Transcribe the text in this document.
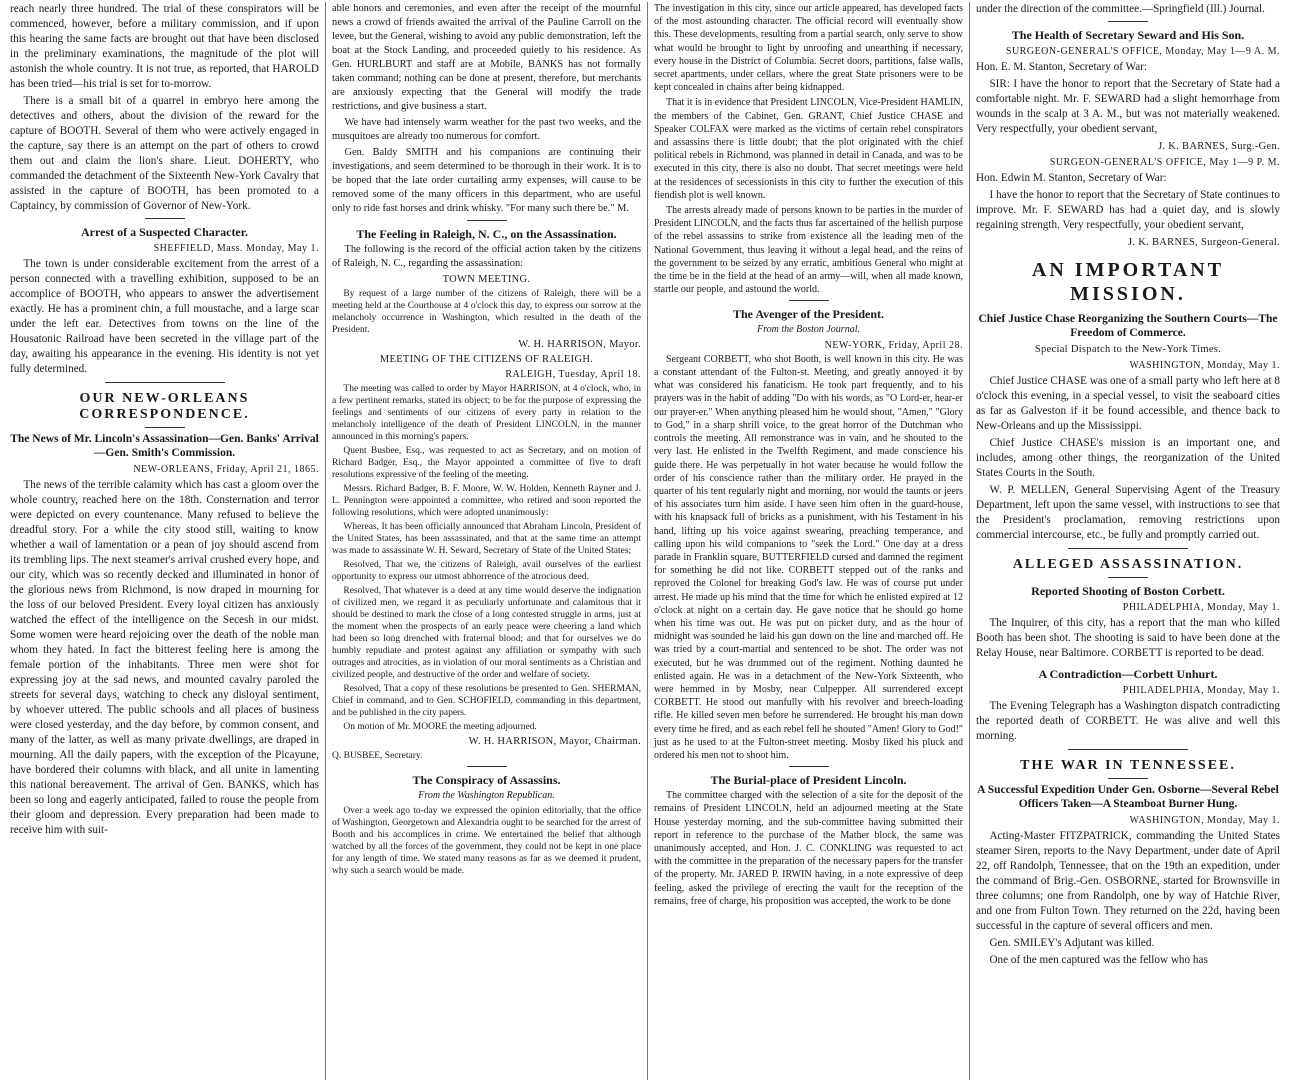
reach nearly three hundred. The trial of these conspirators will be commenced, however, before a military commission, and if upon this hearing the same facts are brought out that have been disclosed in the preliminary examinations, the magnitude of the plot will astonish the whole country. It is not true, as reported, that HAROLD has been tried—his trial is set for to-morrow.

There is a small bit of a quarrel in embryo here among the detectives and others, about the division of the reward for the capture of BOOTH. Several of them who were actively engaged in the capture, say there is an attempt on the part of others to crowd them out and claim the lion's share. Lieut. DOHERTY, who commanded the detachment of the Sixteenth New-York Cavalry that assisted in the capture of BOOTH, has been promoted to a Captaincy, by commission of Governor of New-York.

Arrest of a Suspected Character.
SHEFFIELD, Mass. Monday, May 1.

The town is under considerable excitement from the arrest of a person connected with a travelling exhibition, supposed to be an accomplice of BOOTH, who appears to answer the advertisement exactly. He has a prominent chin, a full moustache, and a large scar under the left ear. Detectives from towns on the line of the Housatonic Railroad have been secreted in the village part of the day, awaiting his appearance in the evening. His identity is not yet fully determined.

OUR NEW-ORLEANS CORRESPONDENCE.
The News of Mr. Lincoln's Assassination—Gen. Banks' Arrival—Gen. Smith's Commission.
NEW-ORLEANS, Friday, April 21, 1865.

The news of the terrible calamity which has cast a gloom over the whole country, reached here on the 18th. Consternation and terror were depicted on every countenance. Many refused to believe the dreadful story. For a while the city stood still, waiting to know whether a wail of lamentation or a pean of joy should ascend from its trembling lips. The next steamer's arrival crushed every hope, and our city, which was so recently decked and illuminated in honor of the glorious news from Richmond, is now draped in mourning for the loss of our beloved President. Every loyal citizen has anxiously watched the effect of the intelligence on the Secesh in our midst. Some women were heard rejoicing over the death of the noble man whom they hated. In fact the bitterest feeling here is among the female portion of the inhabitants. Three men were shot for expressing joy at the sad news, and mounted cavalry paroled the streets for several days, watching to check any disloyal sentiment, by whoever uttered. The public schools and all places of business were closed yesterday, and the day before, by common consent, and many of the latter, as well as many private dwellings, are draped in mourning. All the daily papers, with the exception of the Picayune, have bordered their columns with black, and all unite in lamenting this national bereavement. The arrival of Gen. BANKS, which has been so long and eagerly anticipated, failed to rouse the people from their gloom and depression. Every preparation had been made to receive him with suit-

able honors and ceremonies, and even after the receipt of the mournful news a crowd of friends awaited the arrival of the Pauline Carroll on the levee, but the General, wishing to avoid any public demonstration, left the boat at the Stock Landing, and proceeded quietly to his residence. As Gen. HURLBURT and staff are at Mobile, BANKS has not formally taken command; nothing can be done at present, therefore, but merchants are anxiously expecting that the General will modify the trade restrictions, and give business a start.

We have had intensely warm weather for the past two weeks, and the musquitoes are already too numerous for comfort.

Gen. Baldy SMITH and his companions are continuing their investigations, and seem determined to be thorough in their work. It is to be hoped that the late order curtailing army expenses, will cause to be removed some of the many officers in this department, who are useful only to ride fast horses and drink whisky. "For many such there be." M.

The Feeling in Raleigh, N. C., on the Assassination.

The following is the record of the official action taken by the citizens of Raleigh, N. C., regarding the assassination:

TOWN MEETING.

By request of a large number of the citizens of Raleigh, there will be a meeting held at the Courthouse at 4 o'clock this day, to express our sorrow at the melancholy occurrence in Washington, which resulted in the death of the President.

W. H. HARRISON, Mayor.
MEETING OF THE CITIZENS OF RALEIGH.
RALEIGH, Tuesday, April 18.

The meeting was called to order by Mayor HARRISON, at 4 o'clock, who, in a few pertinent remarks, stated its object; to be for the purpose of expressing the feelings and sentiments of our citizens of every party in relation to the melancholy intelligence of the death of President LINCOLN, in the manner announced in this morning's papers.

Quent Busbee, Esq., was requested to act as Secretary, and on motion of Richard Badger, Esq., the Mayor appointed a committee of five to draft resolutions expressive of the feeling of the meeting.

Messrs. Richard Badger, B. F. Moore, W. W. Holden, Kenneth Rayner and J. L. Pennington were appointed a committee, who retired and soon reported the following resolutions, which were adopted unanimously:

Whereas, It has been officially announced that Abraham Lincoln, President of the United States, has been assassinated, and that at the same time an attempt was made to assassinate W. H. Seward, Secretary of State of the United States;

Resolved, That we, the citizens of Raleigh, avail ourselves of the earliest opportunity to express our utmost abhorrence of the atrocious deed.

Resolved, That whatever is a deed at any time would deserve the indignation of civilized men, we regard it as peculiarly unfortunate and calamitous that it should be destined to mark the close of a long contested struggle in arms, just at the moment when the prospects of an early peace were cheering a land which had been so long drenched with fraternal blood; and that for ourselves we do humbly repudiate and protest against any affiliation or sympathy with such outrages and atrocities, as in violation of our moral sentiments as a Christian and civilized people, and destructive of the order and welfare of society.

Resolved, That a copy of these resolutions be presented to Gen. SHERMAN, Chief in command, and to Gen. SCHOFIELD, commanding in this department, and be published in the city papers.

On motion of Mr. MOORE the meeting adjourned.

W. H. HARRISON, Mayor, Chairman.

Q. BUSBEE, Secretary.

The Conspiracy of Assassins.
From the Washington Republican.

Over a week ago to-day we expressed the opinion editorially, that the office of Washington, Georgetown and Alexandria ought to be searched for the arrest of Booth and his accomplices in crime. We entertained the belief that although watched by all the forces of the government, they could not be kept in one place for any length of time. We stated many reasons as far as we deemed it prudent, why such a search would be made.

The investigation in this city, since our article appeared, has developed facts of the most astounding character. The official record will eventually show this. These developments, resulting from a partial search, only serve to show what would be brought to light by unroofing and unearthing if necessary, every house in the District of Columbia. Secret doors, partitions, false walls, secret apartments, under cellars, where the great State prisoners were to be kept concealed in chains after being kidnapped.

That it is in evidence that President LINCOLN, Vice-President HAMLIN, the members of the Cabinet, Gen. GRANT, Chief Justice CHASE and Speaker COLFAX were marked as the victims of certain rebel conspirators and assassins there is little doubt; that the plot originated with the chief political rebels in Richmond, was planned in detail in Canada, and was to be executed in this city, there is also no doubt. That secret meetings were held at the residences of secessionists in this city to further the execution of this fiendish plot is well known.

The arrests already made of persons known to be parties in the murder of President LINCOLN, and the facts thus far ascertained of the hellish purpose of the rebel assassins to strike from existence all the leading men of the National Government, thus leaving it without a legal head, and the reins of the government to be seized by any erratic, ambitious General who might at the time be in the field at the head of an army—will, when all made known, startle our people, and astound the world.

The Avenger of the President.
From the Boston Journal.
NEW-YORK, Friday, April 28.

Sergeant CORBETT, who shot Booth, is well known in this city. He was a constant attendant of the Fulton-st. Meeting, and greatly annoyed it by what was considered his fanaticism. He took part frequently, and to his prayers was in the habit of adding "Do with his words, as "O Lord-er, hear-er our prayer-er." When anything pleased him he would shout, "Amen," "Glory to God," in a sharp shrill voice, to the great horror of the Dutchman who controls the meeting. All remonstrance was in vain, and he shouted to the very last. He enlisted in the Twelfth Regiment, and made conscience his guide there. He was perpetually in hot water because he would follow the order of his conscience rather than the military order. He prayed in the quarter of his tent regularly night and morning, nor would the taunts or jeers of his associates turn him aside. I have seen him often in the guard-house, with his knapsack full of bricks as a punishment, with his Testament in his hand, lifting up his voice against swearing, preaching temperance, and calling upon his wild companions to "seek the Lord." One day at a dress parade in Franklin square, BUTTERFIELD cursed and damned the regiment for something he did not like. CORBETT stepped out of the ranks and reproved the Colonel for breaking God's law. He was of course put under arrest. He made up his mind that the time for which he enlisted expired at 12 o'clock at night on a certain day. He gave notice that he should go home when his time was out. He was put on picket duty, and as the hour of midnight was sounded he laid his gun down on the line and marched off. He was tried by a court-martial and sentenced to be shot. The order was not executed, but he was drummed out of the regiment. Nothing daunted he enlisted again. He was in a detachment of the New-York Sixteenth, who were hemmed in by Mosby, near Culpepper. All surrendered except CORBETT. He stood out manfully with his revolver and breech-loading rifle. He killed seven men before he surrendered. He brought his man down every time he fired, and as each rebel fell he shouted "Amen! Glory to God!" just as he used to at the Fulton-street meeting. Mosby liked his pluck and ordered his men not to shoot him.

The Burial-place of President Lincoln.

The committee charged with the selection of a site for the deposit of the remains of President LINCOLN, held an adjourned meeting at the State House yesterday morning, and the sub-committee having submitted their report in reference to the purchase of the Mather block, the same was unanimously accepted, and Hon. J. C. CONKLING was requested to act with the committee in the preparation of the necessary papers for the transfer of the property. Mr. JARED P. IRWIN having, in a note expressive of deep feeling, asked the privilege of erecting the vault for the reception of the remains, free of charge, his proposition was accepted, the work to be done

under the direction of the committee.—Springfield (Ill.) Journal.

The Health of Secretary Seward and His Son.
SURGEON-GENERAL'S OFFICE, Monday, May 1—9 A. M.

Hon. E. M. Stanton, Secretary of War:

SIR: I have the honor to report that the Secretary of State had a comfortable night. Mr. F. SEWARD had a slight hemorrhage from wounds in the scalp at 3 A. M., but was not materially weakened. Very respectfully, your obedient servant,

J. K. BARNES, Surg.-Gen.
SURGEON-GENERAL'S OFFICE, May 1—9 P. M.

Hon. Edwin M. Stanton, Secretary of War:

I have the honor to report that the Secretary of State continues to improve. Mr. F. SEWARD has had a quiet day, and is slowly regaining strength. Very respectfully, your obedient servant,

J. K. BARNES, Surgeon-General.
AN IMPORTANT MISSION.
Chief Justice Chase Reorganizing the Southern Courts—The Freedom of Commerce.
Special Dispatch to the New-York Times.
WASHINGTON, Monday, May 1.

Chief Justice CHASE was one of a small party who left here at 8 o'clock this evening, in a special vessel, to visit the seaboard cities as far as Galveston if it be found accessible, and thence back to New-Orleans and up the Mississippi.

Chief Justice CHASE's mission is an important one, and includes, among other things, the reorganization of the United States Courts in the South.

W. P. MELLEN, General Supervising Agent of the Treasury Department, left upon the same vessel, with instructions to see that the President's proclamation, removing restrictions upon commercial intercourse, etc., be fully and promptly carried out.

ALLEGED ASSASSINATION.
Reported Shooting of Boston Corbett.
PHILADELPHIA, Monday, May 1.

The Inquirer, of this city, has a report that the man who killed Booth has been shot. The shooting is said to have been done at the Relay House, near Baltimore. CORBETT is reported to be dead.

A Contradiction—Corbett Unhurt.
PHILADELPHIA, Monday, May 1.

The Evening Telegraph has a Washington dispatch contradicting the reported death of CORBETT. He was alive and well this morning.

THE WAR IN TENNESSEE.
A Successful Expedition Under Gen. Osborne—Several Rebel Officers Taken—A Steamboat Burner Hung.
WASHINGTON, Monday, May 1.

Acting-Master FITZPATRICK, commanding the United States steamer Siren, reports to the Navy Department, under date of April 22, off Randolph, Tennessee, that on the 19th an expedition, under the command of Brig.-Gen. OSBORNE, started for Brownsville in three columns; one from Randolph, one by way of Hatchie River, and one from Fulton Town. They returned on the 22d, having been successful in the capture of several officers and men.

Gen. SMILEY's Adjutant was killed.

One of the men captured was the fellow who has
